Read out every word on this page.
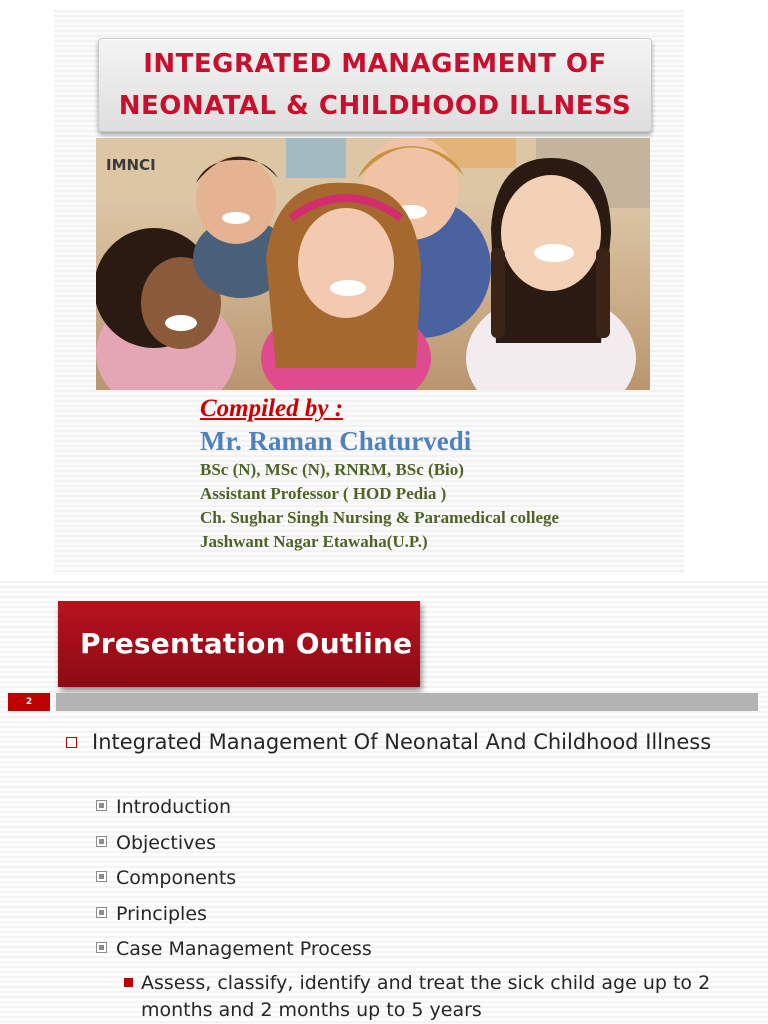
INTEGRATED MANAGEMENT OF
NEONATAL & CHILDHOOD ILLNESS
IMNCI
Compiled by :
Mr. Raman Chaturvedi
BSc (N), MSc (N), RNRM, BSc (Bio)
Assistant Professor ( HOD Pedia )
Ch. Sughar Singh Nursing & Paramedical college
Jashwant Nagar Etawaha(U.P.)
Presentation Outline
2
Integrated Management Of Neonatal And Childhood Illness
Introduction
Objectives
Components
Principles
Case Management Process
Assess, classify, identify and treat the sick child age up to 2 months and 2 months up to 5 years
